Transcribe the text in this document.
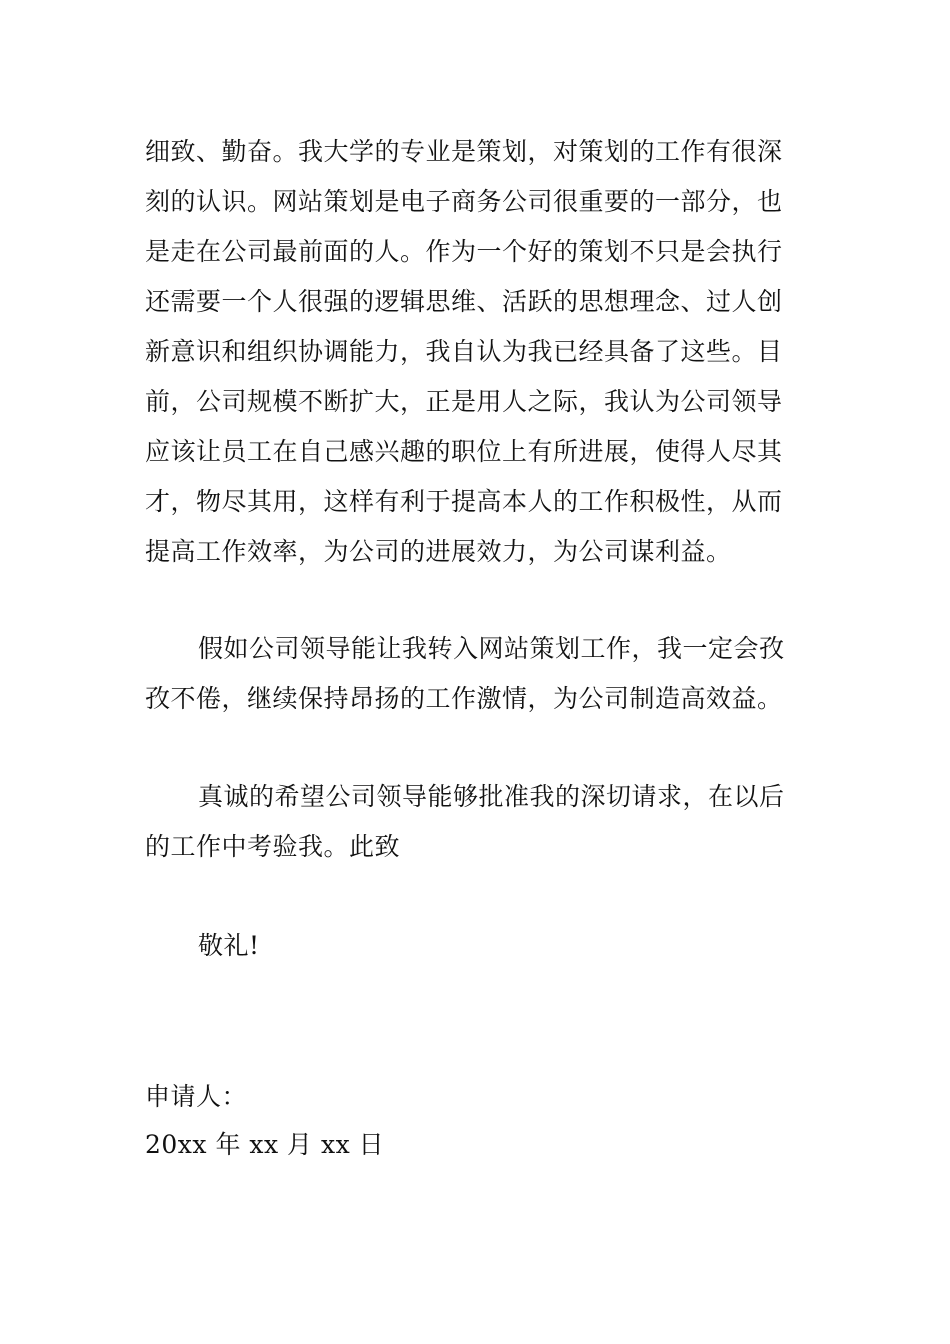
细致、勤奋。我大学的专业是策划，对策划的工作有很深
刻的认识。网站策划是电子商务公司很重要的一部分，也
是走在公司最前面的人。作为一个好的策划不只是会执行
还需要一个人很强的逻辑思维、活跃的思想理念、过人创
新意识和组织协调能力，我自认为我已经具备了这些。目
前，公司规模不断扩大，正是用人之际，我认为公司领导
应该让员工在自己感兴趣的职位上有所进展，使得人尽其
才，物尽其用，这样有利于提高本人的工作积极性，从而
提高工作效率，为公司的进展效力，为公司谋利益。
假如公司领导能让我转入网站策划工作，我一定会孜
孜不倦，继续保持昂扬的工作激情，为公司制造高效益。
真诚的希望公司领导能够批准我的深切请求，在以后
的工作中考验我。此致
敬礼!
申请人：
20xx 年 xx 月 xx 日
